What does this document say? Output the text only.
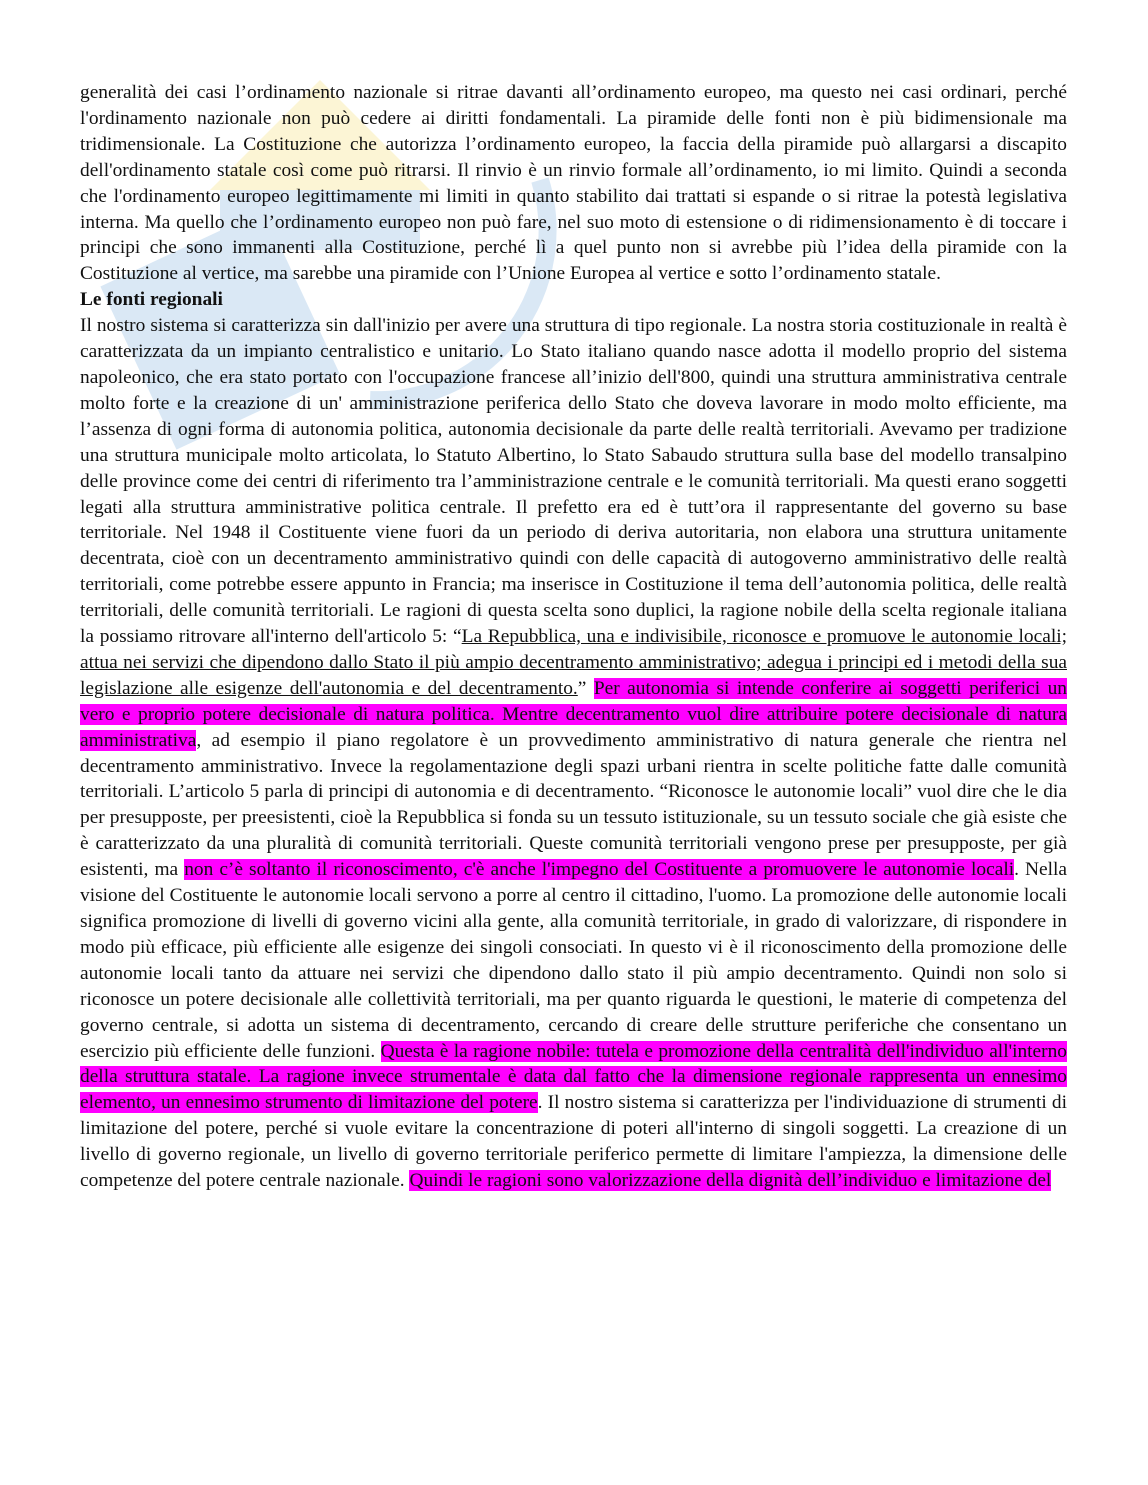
generalità dei casi l’ordinamento nazionale si ritrae davanti all’ordinamento europeo, ma questo nei casi ordinari, perché l'ordinamento nazionale non può cedere ai diritti fondamentali. La piramide delle fonti non è più bidimensionale ma tridimensionale. La Costituzione che autorizza l’ordinamento europeo, la faccia della piramide può allargarsi a discapito dell'ordinamento statale così come può ritrarsi. Il rinvio è un rinvio formale all’ordinamento, io mi limito. Quindi a seconda che l'ordinamento europeo legittimamente mi limiti in quanto stabilito dai trattati si espande o si ritrae la potestà legislativa interna. Ma quello che l’ordinamento europeo non può fare, nel suo moto di estensione o di ridimensionamento è di toccare i principi che sono immanenti alla Costituzione, perché lì a quel punto non si avrebbe più l’idea della piramide con la Costituzione al vertice, ma sarebbe una piramide con l’Unione Europea al vertice e sotto l’ordinamento statale.

Le fonti regionali

Il nostro sistema si caratterizza sin dall'inizio per avere una struttura di tipo regionale. La nostra storia costituzionale in realtà è caratterizzata da un impianto centralistico e unitario. Lo Stato italiano quando nasce adotta il modello proprio del sistema napoleonico, che era stato portato con l'occupazione francese all’inizio dell'800, quindi una struttura amministrativa centrale molto forte e la creazione di un' amministrazione periferica dello Stato che doveva lavorare in modo molto efficiente, ma l’assenza di ogni forma di autonomia politica, autonomia decisionale da parte delle realtà territoriali. Avevamo per tradizione una struttura municipale molto articolata, lo Statuto Albertino, lo Stato Sabaudo struttura sulla base del modello transalpino delle province come dei centri di riferimento tra l’amministrazione centrale e le comunità territoriali. Ma questi erano soggetti legati alla struttura amministrative politica centrale. Il prefetto era ed è tutt’ora il rappresentante del governo su base territoriale. Nel 1948 il Costituente viene fuori da un periodo di deriva autoritaria, non elabora una struttura unitamente decentrata, cioè con un decentramento amministrativo quindi con delle capacità di autogoverno amministrativo delle realtà territoriali, come potrebbe essere appunto in Francia; ma inserisce in Costituzione il tema dell’autonomia politica, delle realtà territoriali, delle comunità territoriali. Le ragioni di questa scelta sono duplici, la ragione nobile della scelta regionale italiana la possiamo ritrovare all'interno dell'articolo 5: “La Repubblica, una e indivisibile, riconosce e promuove le autonomie locali; attua nei servizi che dipendono dallo Stato il più ampio decentramento amministrativo; adegua i principi ed i metodi della sua legislazione alle esigenze dell'autonomia e del decentramento.” Per autonomia si intende conferire ai soggetti periferici un vero e proprio potere decisionale di natura politica. Mentre decentramento vuol dire attribuire potere decisionale di natura amministrativa, ad esempio il piano regolatore è un provvedimento amministrativo di natura generale che rientra nel decentramento amministrativo. Invece la regolamentazione degli spazi urbani rientra in scelte politiche fatte dalle comunità territoriali. L’articolo 5 parla di principi di autonomia e di decentramento. “Riconosce le autonomie locali” vuol dire che le dia per presupposte, per preesistenti, cioè la Repubblica si fonda su un tessuto istituzionale, su un tessuto sociale che già esiste che è caratterizzato da una pluralità di comunità territoriali. Queste comunità territoriali vengono prese per presupposte, per già esistenti, ma non c’è soltanto il riconoscimento, c'è anche l'impegno del Costituente a promuovere le autonomie locali. Nella visione del Costituente le autonomie locali servono a porre al centro il cittadino, l'uomo. La promozione delle autonomie locali significa promozione di livelli di governo vicini alla gente, alla comunità territoriale, in grado di valorizzare, di rispondere in modo più efficace, più efficiente alle esigenze dei singoli consociati. In questo vi è il riconoscimento della promozione delle autonomie locali tanto da attuare nei servizi che dipendono dallo stato il più ampio decentramento. Quindi non solo si riconosce un potere decisionale alle collettività territoriali, ma per quanto riguarda le questioni, le materie di competenza del governo centrale, si adotta un sistema di decentramento, cercando di creare delle strutture periferiche che consentano un esercizio più efficiente delle funzioni. Questa è la ragione nobile: tutela e promozione della centralità dell'individuo all'interno della struttura statale. La ragione invece strumentale è data dal fatto che la dimensione regionale rappresenta un ennesimo elemento, un ennesimo strumento di limitazione del potere. Il nostro sistema si caratterizza per l'individuazione di strumenti di limitazione del potere, perché si vuole evitare la concentrazione di poteri all'interno di singoli soggetti. La creazione di un livello di governo regionale, un livello di governo territoriale periferico permette di limitare l'ampiezza, la dimensione delle competenze del potere centrale nazionale. Quindi le ragioni sono valorizzazione della dignità dell’individuo e limitazione del
